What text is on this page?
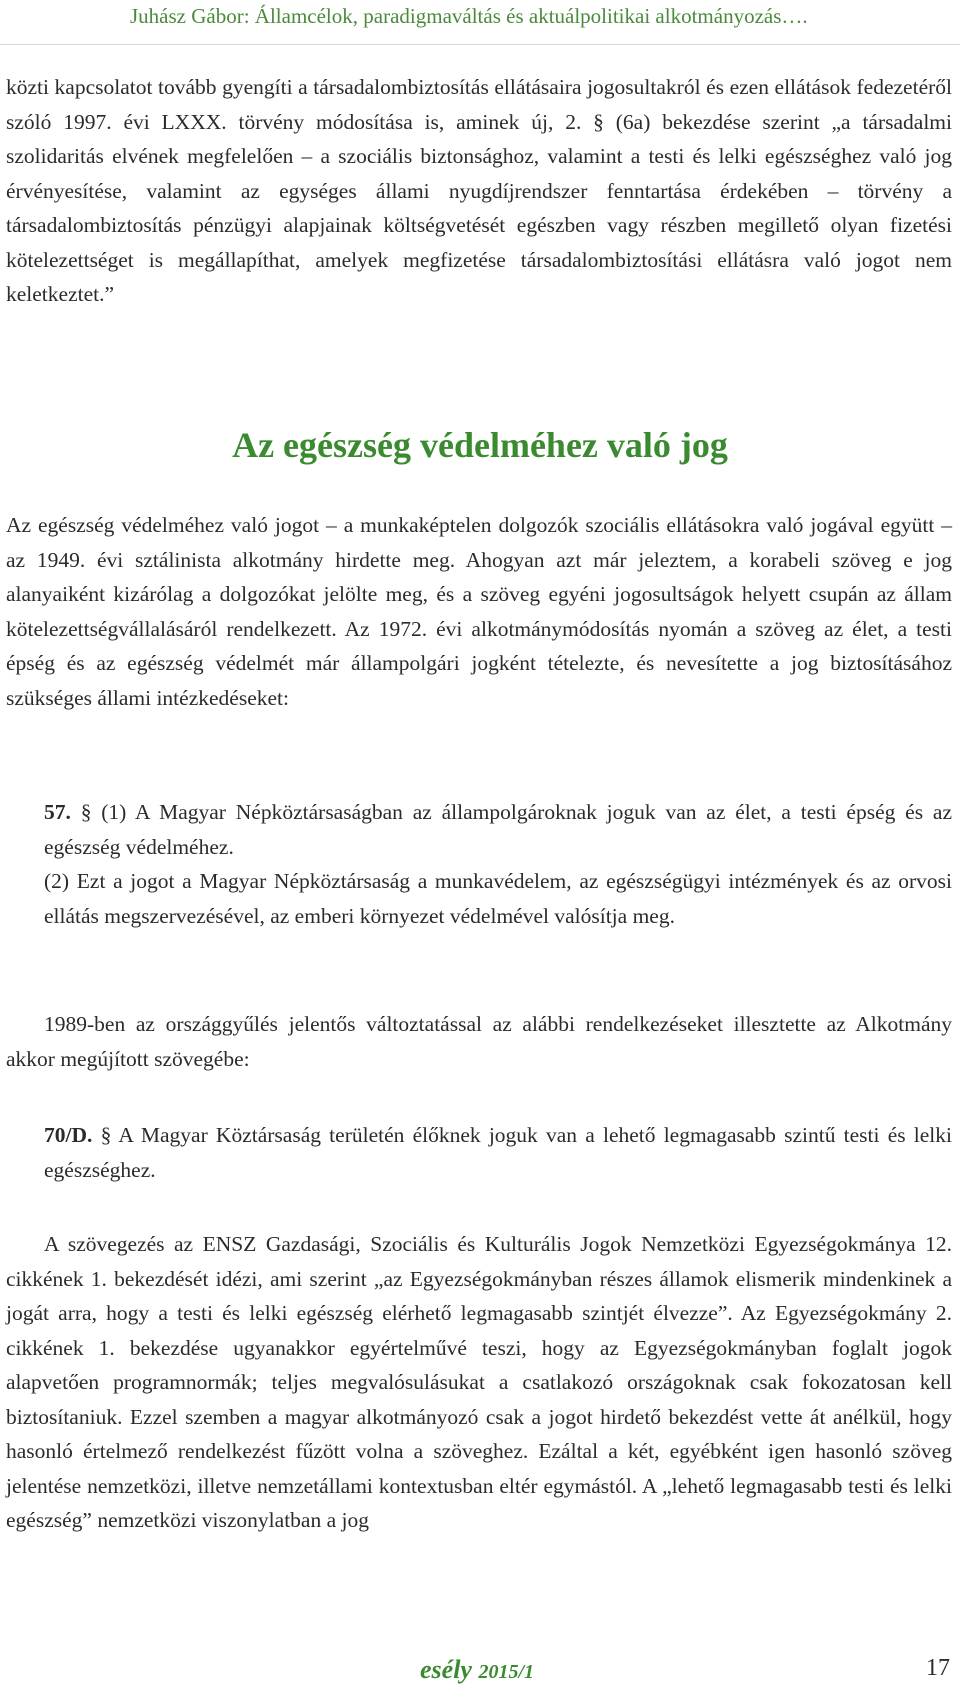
Juhász Gábor: Államcélok, paradigmaváltás és aktuálpolitikai alkotmányozás….
közti kapcsolatot tovább gyengíti a társadalombiztosítás ellátásaira jogosultakról és ezen ellátások fedezetéről szóló 1997. évi LXXX. törvény módosítása is, aminek új, 2. § (6a) bekezdése szerint „a társadalmi szolidaritás elvének megfelelően – a szociális biztonsághoz, valamint a testi és lelki egészséghez való jog érvényesítése, valamint az egységes állami nyugdíjrendszer fenntartása érdekében – törvény a társadalombiztosítás pénzügyi alapjainak költségvetését egészben vagy részben megillető olyan fizetési kötelezettséget is megállapíthat, amelyek megfizetése társadalombiztosítási ellátásra való jogot nem keletkeztet.”
Az egészség védelméhez való jog
Az egészség védelméhez való jogot – a munkaképtelen dolgozók szociális ellátásokra való jogával együtt – az 1949. évi sztálinista alkotmány hirdette meg. Ahogyan azt már jeleztem, a korabeli szöveg e jog alanyaiként kizárólag a dolgozókat jelölte meg, és a szöveg egyéni jogosultságok helyett csupán az állam kötelezettségvállalásáról rendelkezett. Az 1972. évi alkotmánymódosítás nyomán a szöveg az élet, a testi épség és az egészség védelmét már állampolgári jogként tételezte, és nevesítette a jog biztosításához szükséges állami intézkedéseket:
57. § (1) A Magyar Népköztársaságban az állampolgároknak joguk van az élet, a testi épség és az egészség védelméhez.
(2) Ezt a jogot a Magyar Népköztársaság a munkavédelem, az egészségügyi intézmények és az orvosi ellátás megszervezésével, az emberi környezet védelmével valósítja meg.
1989-ben az országgyűlés jelentős változtatással az alábbi rendelkezéseket illesztette az Alkotmány akkor megújított szövegébe:
70/D. § A Magyar Köztársaság területén élőknek joguk van a lehető legmagasabb szintű testi és lelki egészséghez.
A szövegezés az ENSZ Gazdasági, Szociális és Kulturális Jogok Nemzetközi Egyezségokmánya 12. cikkének 1. bekezdését idézi, ami szerint „az Egyezségokmányban részes államok elismerik mindenkinek a jogát arra, hogy a testi és lelki egészség elérhető legmagasabb szintjét élvezze”. Az Egyezségokmány 2. cikkének 1. bekezdése ugyanakkor egyértelművé teszi, hogy az Egyezségokmányban foglalt jogok alapvetően programnormák; teljes megvalósulásukat a csatlakozó országoknak csak fokozatosan kell biztosítaniuk. Ezzel szemben a magyar alkotmányozó csak a jogot hirdető bekezdést vette át anélkül, hogy hasonló értelmező rendelkezést fűzött volna a szöveghez. Ezáltal a két, egyébként igen hasonló szöveg jelentése nemzetközi, illetve nemzetállami kontextusban eltér egymástól. A „lehető legmagasabb testi és lelki egészség” nemzetközi viszonylatban a jog
esély 2015/1	17
